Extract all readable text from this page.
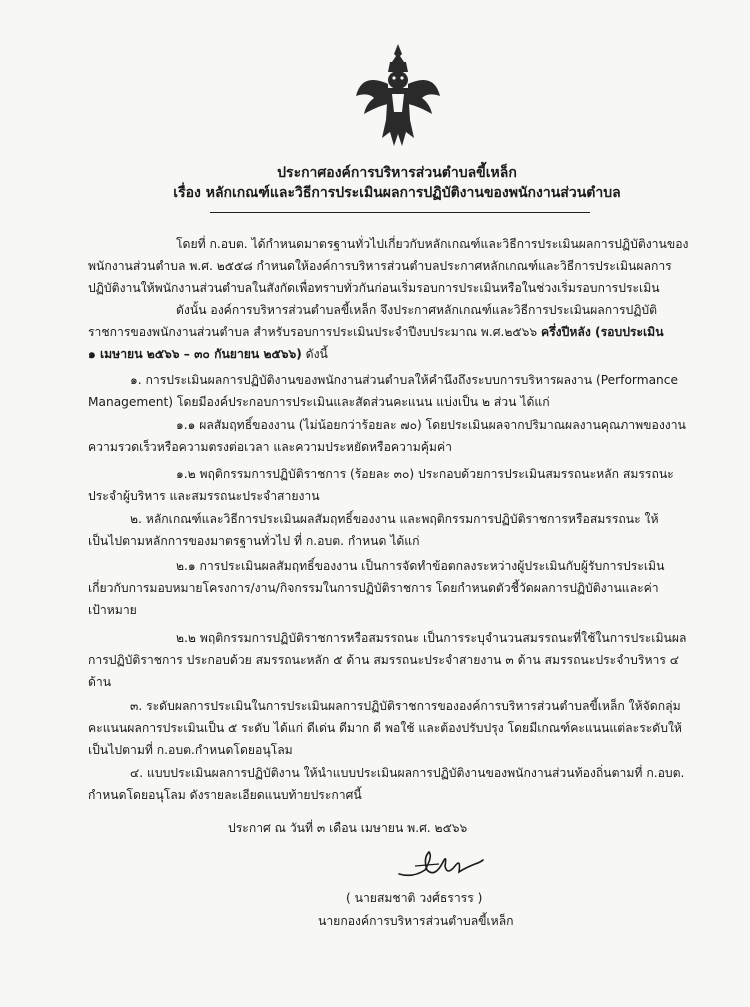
ประกาศองค์การบริหารส่วนตำบลขี้เหล็ก
เรื่อง หลักเกณฑ์และวิธีการประเมินผลการปฏิบัติงานของพนักงานส่วนตำบล
โดยที่ ก.อบต. ได้กำหนดมาตรฐานทั่วไปเกี่ยวกับหลักเกณฑ์และวิธีการประเมินผลการปฏิบัติงานของ
พนักงานส่วนตำบล พ.ศ. ๒๕๕๘ กำหนดให้องค์การบริหารส่วนตำบลประกาศหลักเกณฑ์และวิธีการประเมินผลการ
ปฏิบัติงานให้พนักงานส่วนตำบลในสังกัดเพื่อทราบทั่วกันก่อนเริ่มรอบการประเมินหรือในช่วงเริ่มรอบการประเมิน
ดังนั้น องค์การบริหารส่วนตำบลขี้เหล็ก จึงประกาศหลักเกณฑ์และวิธีการประเมินผลการปฏิบัติ
ราชการของพนักงานส่วนตำบล สำหรับรอบการประเมินประจำปีงบประมาณ พ.ศ.๒๕๖๖ ครึ่งปีหลัง (รอบประเมิน
๑ เมษายน ๒๕๖๖ – ๓๐ กันยายน ๒๕๖๖) ดังนี้
๑. การประเมินผลการปฏิบัติงานของพนักงานส่วนตำบลให้คำนึงถึงระบบการบริหารผลงาน (Performance
Management) โดยมีองค์ประกอบการประเมินและสัดส่วนคะแนน แบ่งเป็น ๒ ส่วน ได้แก่
๑.๑ ผลสัมฤทธิ์ของงาน (ไม่น้อยกว่าร้อยละ ๗๐) โดยประเมินผลจากปริมาณผลงานคุณภาพของงาน
ความรวดเร็วหรือความตรงต่อเวลา และความประหยัดหรือความคุ้มค่า
๑.๒ พฤติกรรมการปฏิบัติราชการ (ร้อยละ ๓๐) ประกอบด้วยการประเมินสมรรถนะหลัก สมรรถนะ
ประจำผู้บริหาร และสมรรถนะประจำสายงาน
๒. หลักเกณฑ์และวิธีการประเมินผลสัมฤทธิ์ของงาน และพฤติกรรมการปฏิบัติราชการหรือสมรรถนะ ให้
เป็นไปตามหลักการของมาตรฐานทั่วไป ที่ ก.อบต. กำหนด ได้แก่
๒.๑ การประเมินผลสัมฤทธิ์ของงาน เป็นการจัดทำข้อตกลงระหว่างผู้ประเมินกับผู้รับการประเมิน
เกี่ยวกับการมอบหมายโครงการ/งาน/กิจกรรมในการปฏิบัติราชการ โดยกำหนดตัวชี้วัดผลการปฏิบัติงานและค่า
เป้าหมาย
๒.๒ พฤติกรรมการปฏิบัติราชการหรือสมรรถนะ เป็นการระบุจำนวนสมรรถนะที่ใช้ในการประเมินผล
การปฏิบัติราชการ ประกอบด้วย สมรรถนะหลัก ๕ ด้าน สมรรถนะประจำสายงาน ๓ ด้าน สมรรถนะประจำบริหาร ๔
ด้าน
๓. ระดับผลการประเมินในการประเมินผลการปฏิบัติราชการขององค์การบริหารส่วนตำบลขี้เหล็ก ให้จัดกลุ่ม
คะแนนผลการประเมินเป็น ๕ ระดับ ได้แก่ ดีเด่น ดีมาก ดี พอใช้ และต้องปรับปรุง โดยมีเกณฑ์คะแนนแต่ละระดับให้
เป็นไปตามที่ ก.อบต.กำหนดโดยอนุโลม
๔. แบบประเมินผลการปฏิบัติงาน ให้นำแบบประเมินผลการปฏิบัติงานของพนักงานส่วนท้องถิ่นตามที่ ก.อบต.
กำหนดโดยอนุโลม ดังรายละเอียดแนบท้ายประกาศนี้
ประกาศ ณ วันที่ ๓ เดือน เมษายน พ.ศ. ๒๕๖๖
( นายสมชาติ วงศ์ธรารร )
นายกองค์การบริหารส่วนตำบลขี้เหล็ก
